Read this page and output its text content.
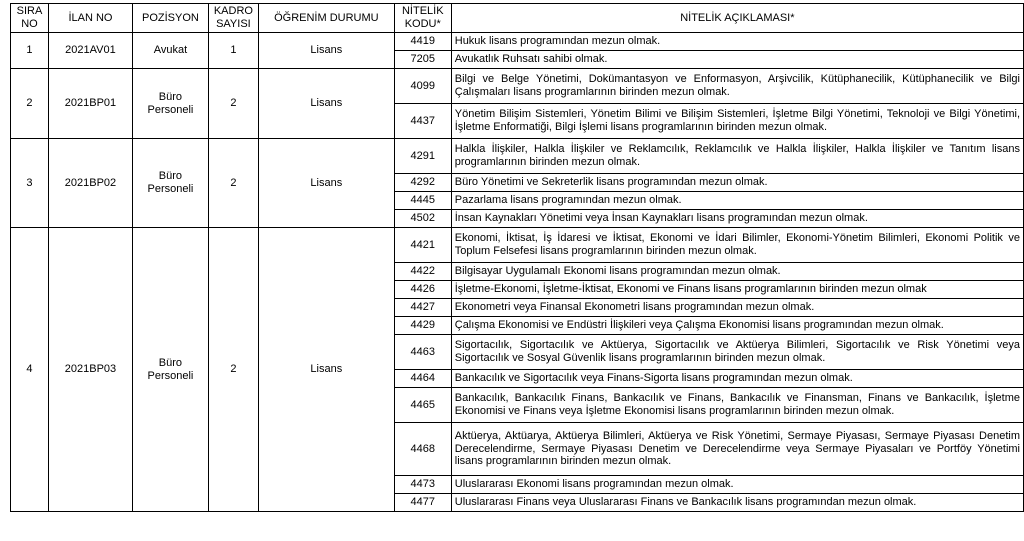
SIRA NO	İLAN NO	POZİSYON	KADRO SAYISI	ÖĞRENİM DURUMU	NİTELİK KODU*	NİTELİK AÇIKLAMASI*
1	2021AV01	Avukat	1	Lisans	4419	Hukuk lisans programından mezun olmak.
					7205	Avukatlık Ruhsatı sahibi olmak.
2	2021BP01	Büro Personeli	2	Lisans	4099	Bilgi ve Belge Yönetimi, Dokümantasyon ve Enformasyon, Arşivcilik, Kütüphanecilik, Kütüphanecilik ve Bilgi Çalışmaları lisans programlarının birinden mezun olmak.
					4437	Yönetim Bilişim Sistemleri, Yönetim Bilimi ve Bilişim Sistemleri, İşletme Bilgi Yönetimi, Teknoloji ve Bilgi Yönetimi, İşletme Enformatiği, Bilgi İşlemi lisans programlarının birinden mezun olmak.
3	2021BP02	Büro Personeli	2	Lisans	4291	Halkla İlişkiler, Halkla İlişkiler ve Reklamcılık, Reklamcılık ve Halkla İlişkiler, Halkla İlişkiler ve Tanıtım lisans programlarının birinden mezun olmak.
					4292	Büro Yönetimi ve Sekreterlik lisans programından mezun olmak.
					4445	Pazarlama lisans programından mezun olmak.
					4502	İnsan Kaynakları Yönetimi veya İnsan Kaynakları lisans programından mezun olmak.
4	2021BP03	Büro Personeli	2	Lisans	4421	Ekonomi, İktisat, İş İdaresi ve İktisat, Ekonomi ve İdari Bilimler, Ekonomi-Yönetim Bilimleri, Ekonomi Politik ve Toplum Felsefesi lisans programlarının birinden mezun olmak.
					4422	Bilgisayar Uygulamalı Ekonomi lisans programından mezun olmak.
					4426	İşletme-Ekonomi, İşletme-İktisat, Ekonomi ve Finans lisans programlarının birinden mezun olmak
					4427	Ekonometri veya Finansal Ekonometri lisans programından mezun olmak.
					4429	Çalışma Ekonomisi ve Endüstri İlişkileri veya Çalışma Ekonomisi lisans programından mezun olmak.
					4463	Sigortacılık, Sigortacılık ve Aktüerya, Sigortacılık ve Aktüerya Bilimleri, Sigortacılık ve Risk Yönetimi veya Sigortacılık ve Sosyal Güvenlik lisans programlarının birinden mezun olmak.
					4464	Bankacılık ve Sigortacılık veya Finans-Sigorta lisans programından mezun olmak.
					4465	Bankacılık, Bankacılık Finans, Bankacılık ve Finans, Bankacılık ve Finansman, Finans ve Bankacılık, İşletme Ekonomisi ve Finans veya İşletme Ekonomisi lisans programlarının birinden mezun olmak.
					4468	Aktüerya, Aktüarya, Aktüerya Bilimleri, Aktüerya ve Risk Yönetimi, Sermaye Piyasası, Sermaye Piyasası Denetim Derecelendirme, Sermaye Piyasası Denetim ve Derecelendirme veya Sermaye Piyasaları ve Portföy Yönetimi lisans programlarının birinden mezun olmak.
					4473	Uluslararası Ekonomi lisans programından mezun olmak.
					4477	Uluslararası Finans veya Uluslararası Finans ve Bankacılık lisans programından mezun olmak.
